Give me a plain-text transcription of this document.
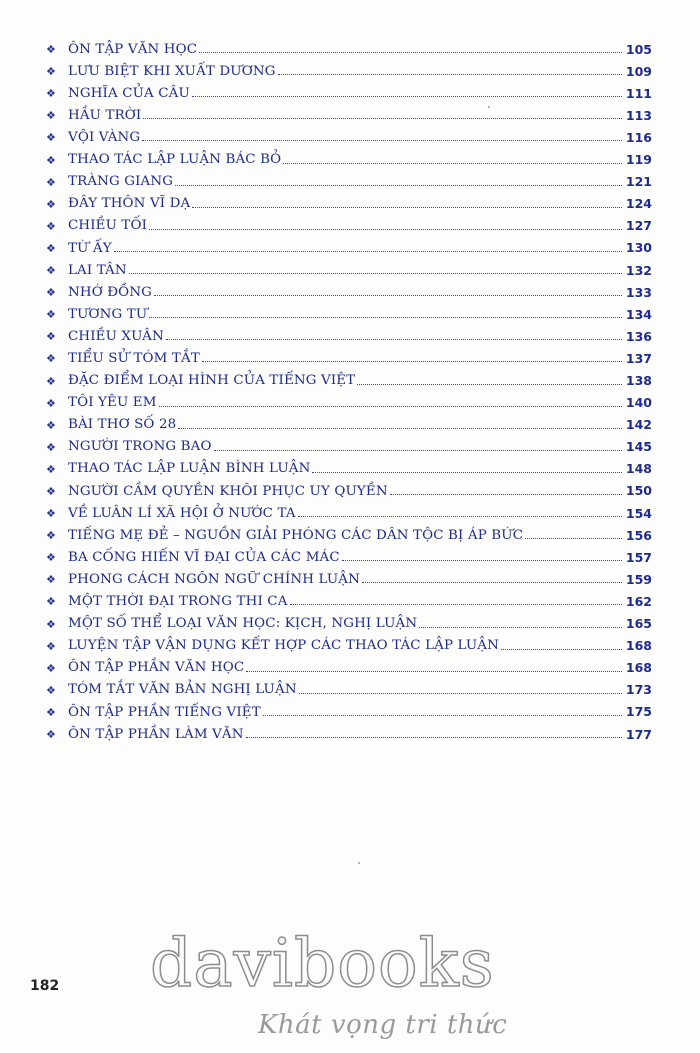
❖ ÔN TẬP VĂN HỌC	105
❖ LƯU BIỆT KHI XUẤT DƯƠNG	109
❖ NGHĨA CỦA CÂU	111
❖ HẦU TRỜI	113
❖ VỘI VÀNG	116
❖ THAO TÁC LẬP LUẬN BÁC BỎ	119
❖ TRÀNG GIANG	121
❖ ĐÂY THÔN VĨ DẠ	124
❖ CHIỀU TỐI	127
❖ TỪ ẤY	130
❖ LAI TÂN	132
❖ NHỚ ĐỒNG	133
❖ TƯƠNG TƯ	134
❖ CHIỀU XUÂN	136
❖ TIỂU SỬ TÓM TẮT	137
❖ ĐẶC ĐIỂM LOẠI HÌNH CỦA TIẾNG VIỆT	138
❖ TÔI YÊU EM	140
❖ BÀI THƠ SỐ 28	142
❖ NGƯỜI TRONG BAO	145
❖ THAO TÁC LẬP LUẬN BÌNH LUẬN	148
❖ NGƯỜI CẦM QUYỀN KHÔI PHỤC UY QUYỀN	150
❖ VỀ LUÂN LÍ XÃ HỘI Ở NƯỚC TA	154
❖ TIẾNG MẸ ĐẺ – NGUỒN GIẢI PHÓNG CÁC DÂN TỘC BỊ ÁP BỨC	156
❖ BA CỐNG HIẾN VĨ ĐẠI CỦA CÁC MÁC	157
❖ PHONG CÁCH NGÔN NGỮ CHÍNH LUẬN	159
❖ MỘT THỜI ĐẠI TRONG THI CA	162
❖ MỘT SỐ THỂ LOẠI VĂN HỌC: KỊCH, NGHỊ LUẬN	165
❖ LUYỆN TẬP VẬN DỤNG KẾT HỢP CÁC THAO TÁC LẬP LUẬN	168
❖ ÔN TẬP PHẦN VĂN HỌC	168
❖ TÓM TẮT VĂN BẢN NGHỊ LUẬN	173
❖ ÔN TẬP PHẦN TIẾNG VIỆT	175
❖ ÔN TẬP PHẦN LÀM VĂN	177
182 davibooks
Khát vọng tri thức
